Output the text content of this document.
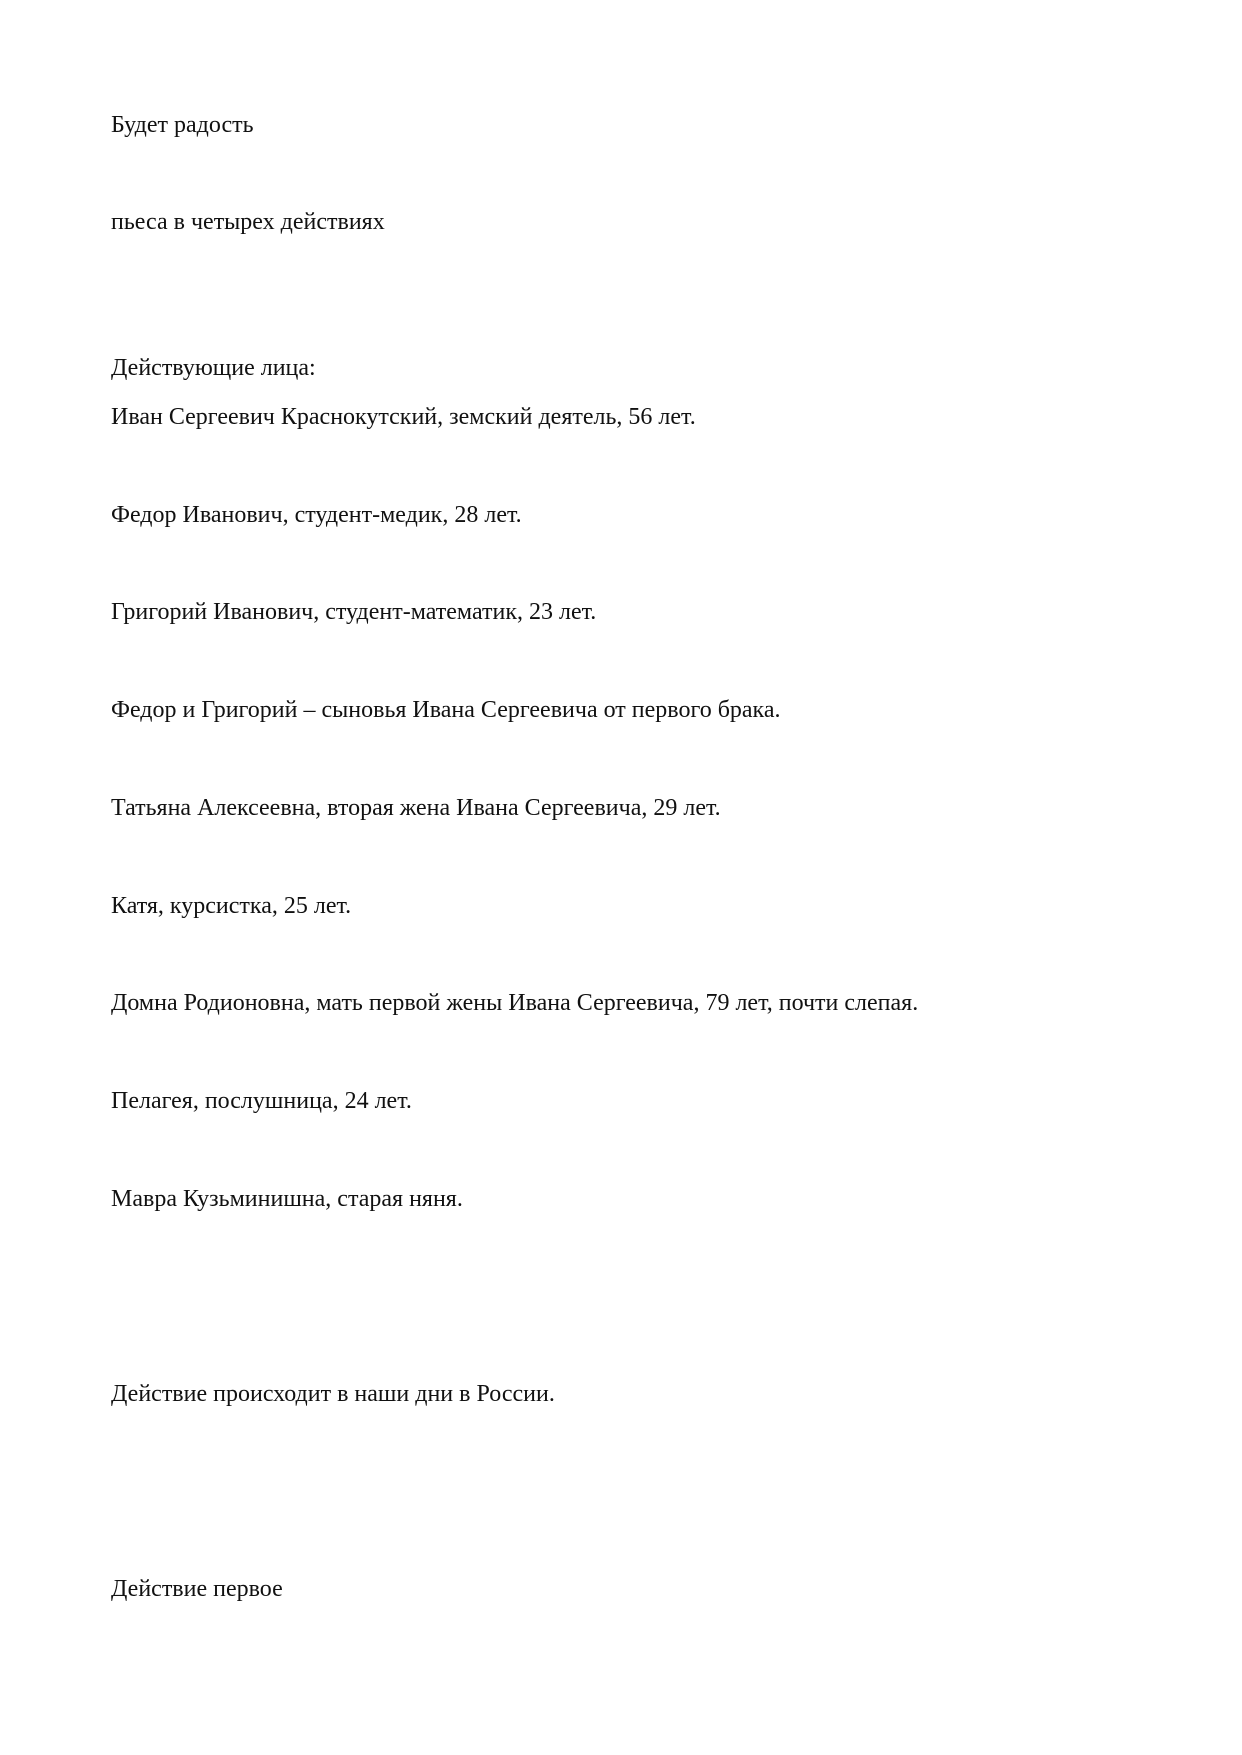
Будет радость
пьеса в четырех действиях
Действующие лица:
Иван Сергеевич Краснокутский, земский деятель, 56 лет.
Федор Иванович, студент-медик, 28 лет.
Григорий Иванович, студент-математик, 23 лет.
Федор и Григорий – сыновья Ивана Сергеевича от первого брака.
Татьяна Алексеевна, вторая жена Ивана Сергеевича, 29 лет.
Катя, курсистка, 25 лет.
Домна Родионовна, мать первой жены Ивана Сергеевича, 79 лет, почти слепая.
Пелагея, послушница, 24 лет.
Мавра Кузьминишна, старая няня.
Действие происходит в наши дни в России.
Действие первое
